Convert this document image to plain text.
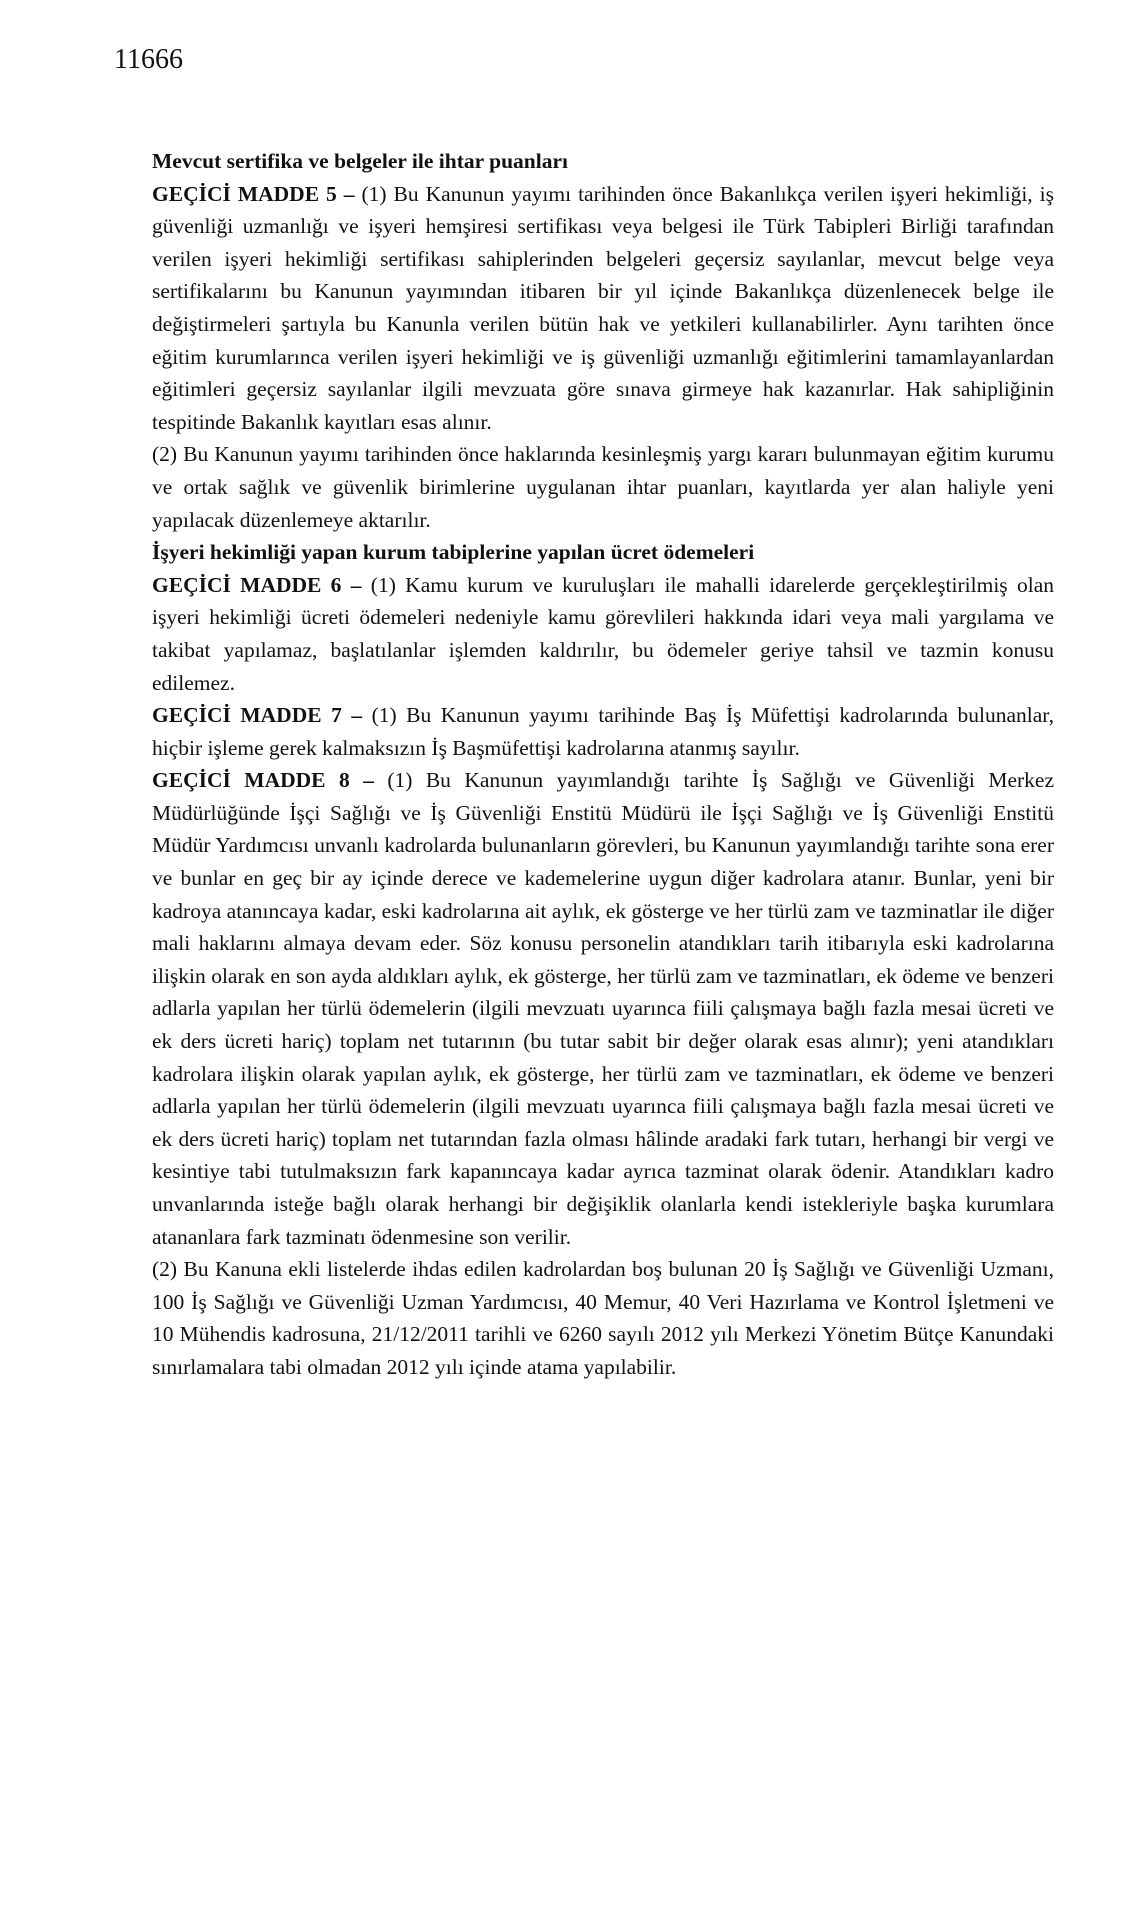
11666

Mevcut sertifika ve belgeler ile ihtar puanları

GEÇİCİ MADDE 5 – (1) Bu Kanunun yayımı tarihinden önce Bakanlıkça verilen işyeri hekimliği, iş güvenliği uzmanlığı ve işyeri hemşiresi sertifikası veya belgesi ile Türk Tabipleri Birliği tarafından verilen işyeri hekimliği sertifikası sahiplerinden belgeleri geçersiz sayılanlar, mevcut belge veya sertifikalarını bu Kanunun yayımından itibaren bir yıl içinde Bakanlıkça düzenlenecek belge ile değiştirmeleri şartıyla bu Kanunla verilen bütün hak ve yetkileri kullanabilirler. Aynı tarihten önce eğitim kurumlarınca verilen işyeri hekimliği ve iş güvenliği uzmanlığı eğitimlerini tamamlayanlardan eğitimleri geçersiz sayılanlar ilgili mevzuata göre sınava girmeye hak kazanırlar. Hak sahipliğinin tespitinde Bakanlık kayıtları esas alınır.

(2) Bu Kanunun yayımı tarihinden önce haklarında kesinleşmiş yargı kararı bulunmayan eğitim kurumu ve ortak sağlık ve güvenlik birimlerine uygulanan ihtar puanları, kayıtlarda yer alan haliyle yeni yapılacak düzenlemeye aktarılır.

İşyeri hekimliği yapan kurum tabiplerine yapılan ücret ödemeleri

GEÇİCİ MADDE 6 – (1) Kamu kurum ve kuruluşları ile mahalli idarelerde gerçekleştirilmiş olan işyeri hekimliği ücreti ödemeleri nedeniyle kamu görevlileri hakkında idari veya mali yargılama ve takibat yapılamaz, başlatılanlar işlemden kaldırılır, bu ödemeler geriye tahsil ve tazmin konusu edilemez.

GEÇİCİ MADDE 7 – (1) Bu Kanunun yayımı tarihinde Baş İş Müfettişi kadrolarında bulunanlar, hiçbir işleme gerek kalmaksızın İş Başmüfettişi kadrolarına atanmış sayılır.

GEÇİCİ MADDE 8 – (1) Bu Kanunun yayımlandığı tarihte İş Sağlığı ve Güvenliği Merkez Müdürlüğünde İşçi Sağlığı ve İş Güvenliği Enstitü Müdürü ile İşçi Sağlığı ve İş Güvenliği Enstitü Müdür Yardımcısı unvanlı kadrolarda bulunanların görevleri, bu Kanunun yayımlandığı tarihte sona erer ve bunlar en geç bir ay içinde derece ve kademelerine uygun diğer kadrolara atanır. Bunlar, yeni bir kadroya atanıncaya kadar, eski kadrolarına ait aylık, ek gösterge ve her türlü zam ve tazminatlar ile diğer mali haklarını almaya devam eder. Söz konusu personelin atandıkları tarih itibarıyla eski kadrolarına ilişkin olarak en son ayda aldıkları aylık, ek gösterge, her türlü zam ve tazminatları, ek ödeme ve benzeri adlarla yapılan her türlü ödemelerin (ilgili mevzuatı uyarınca fiili çalışmaya bağlı fazla mesai ücreti ve ek ders ücreti hariç) toplam net tutarının (bu tutar sabit bir değer olarak esas alınır); yeni atandıkları kadrolara ilişkin olarak yapılan aylık, ek gösterge, her türlü zam ve tazminatları, ek ödeme ve benzeri adlarla yapılan her türlü ödemelerin (ilgili mevzuatı uyarınca fiili çalışmaya bağlı fazla mesai ücreti ve ek ders ücreti hariç) toplam net tutarından fazla olması hâlinde aradaki fark tutarı, herhangi bir vergi ve kesintiye tabi tutulmaksızın fark kapanıncaya kadar ayrıca tazminat olarak ödenir. Atandıkları kadro unvanlarında isteğe bağlı olarak herhangi bir değişiklik olanlarla kendi istekleriyle başka kurumlara atananlara fark tazminatı ödenmesine son verilir.

(2) Bu Kanuna ekli listelerde ihdas edilen kadrolardan boş bulunan 20 İş Sağlığı ve Güvenliği Uzmanı, 100 İş Sağlığı ve Güvenliği Uzman Yardımcısı, 40 Memur, 40 Veri Hazırlama ve Kontrol İşletmeni ve 10 Mühendis kadrosuna, 21/12/2011 tarihli ve 6260 sayılı 2012 yılı Merkezi Yönetim Bütçe Kanundaki sınırlamalara tabi olmadan 2012 yılı içinde atama yapılabilir.
